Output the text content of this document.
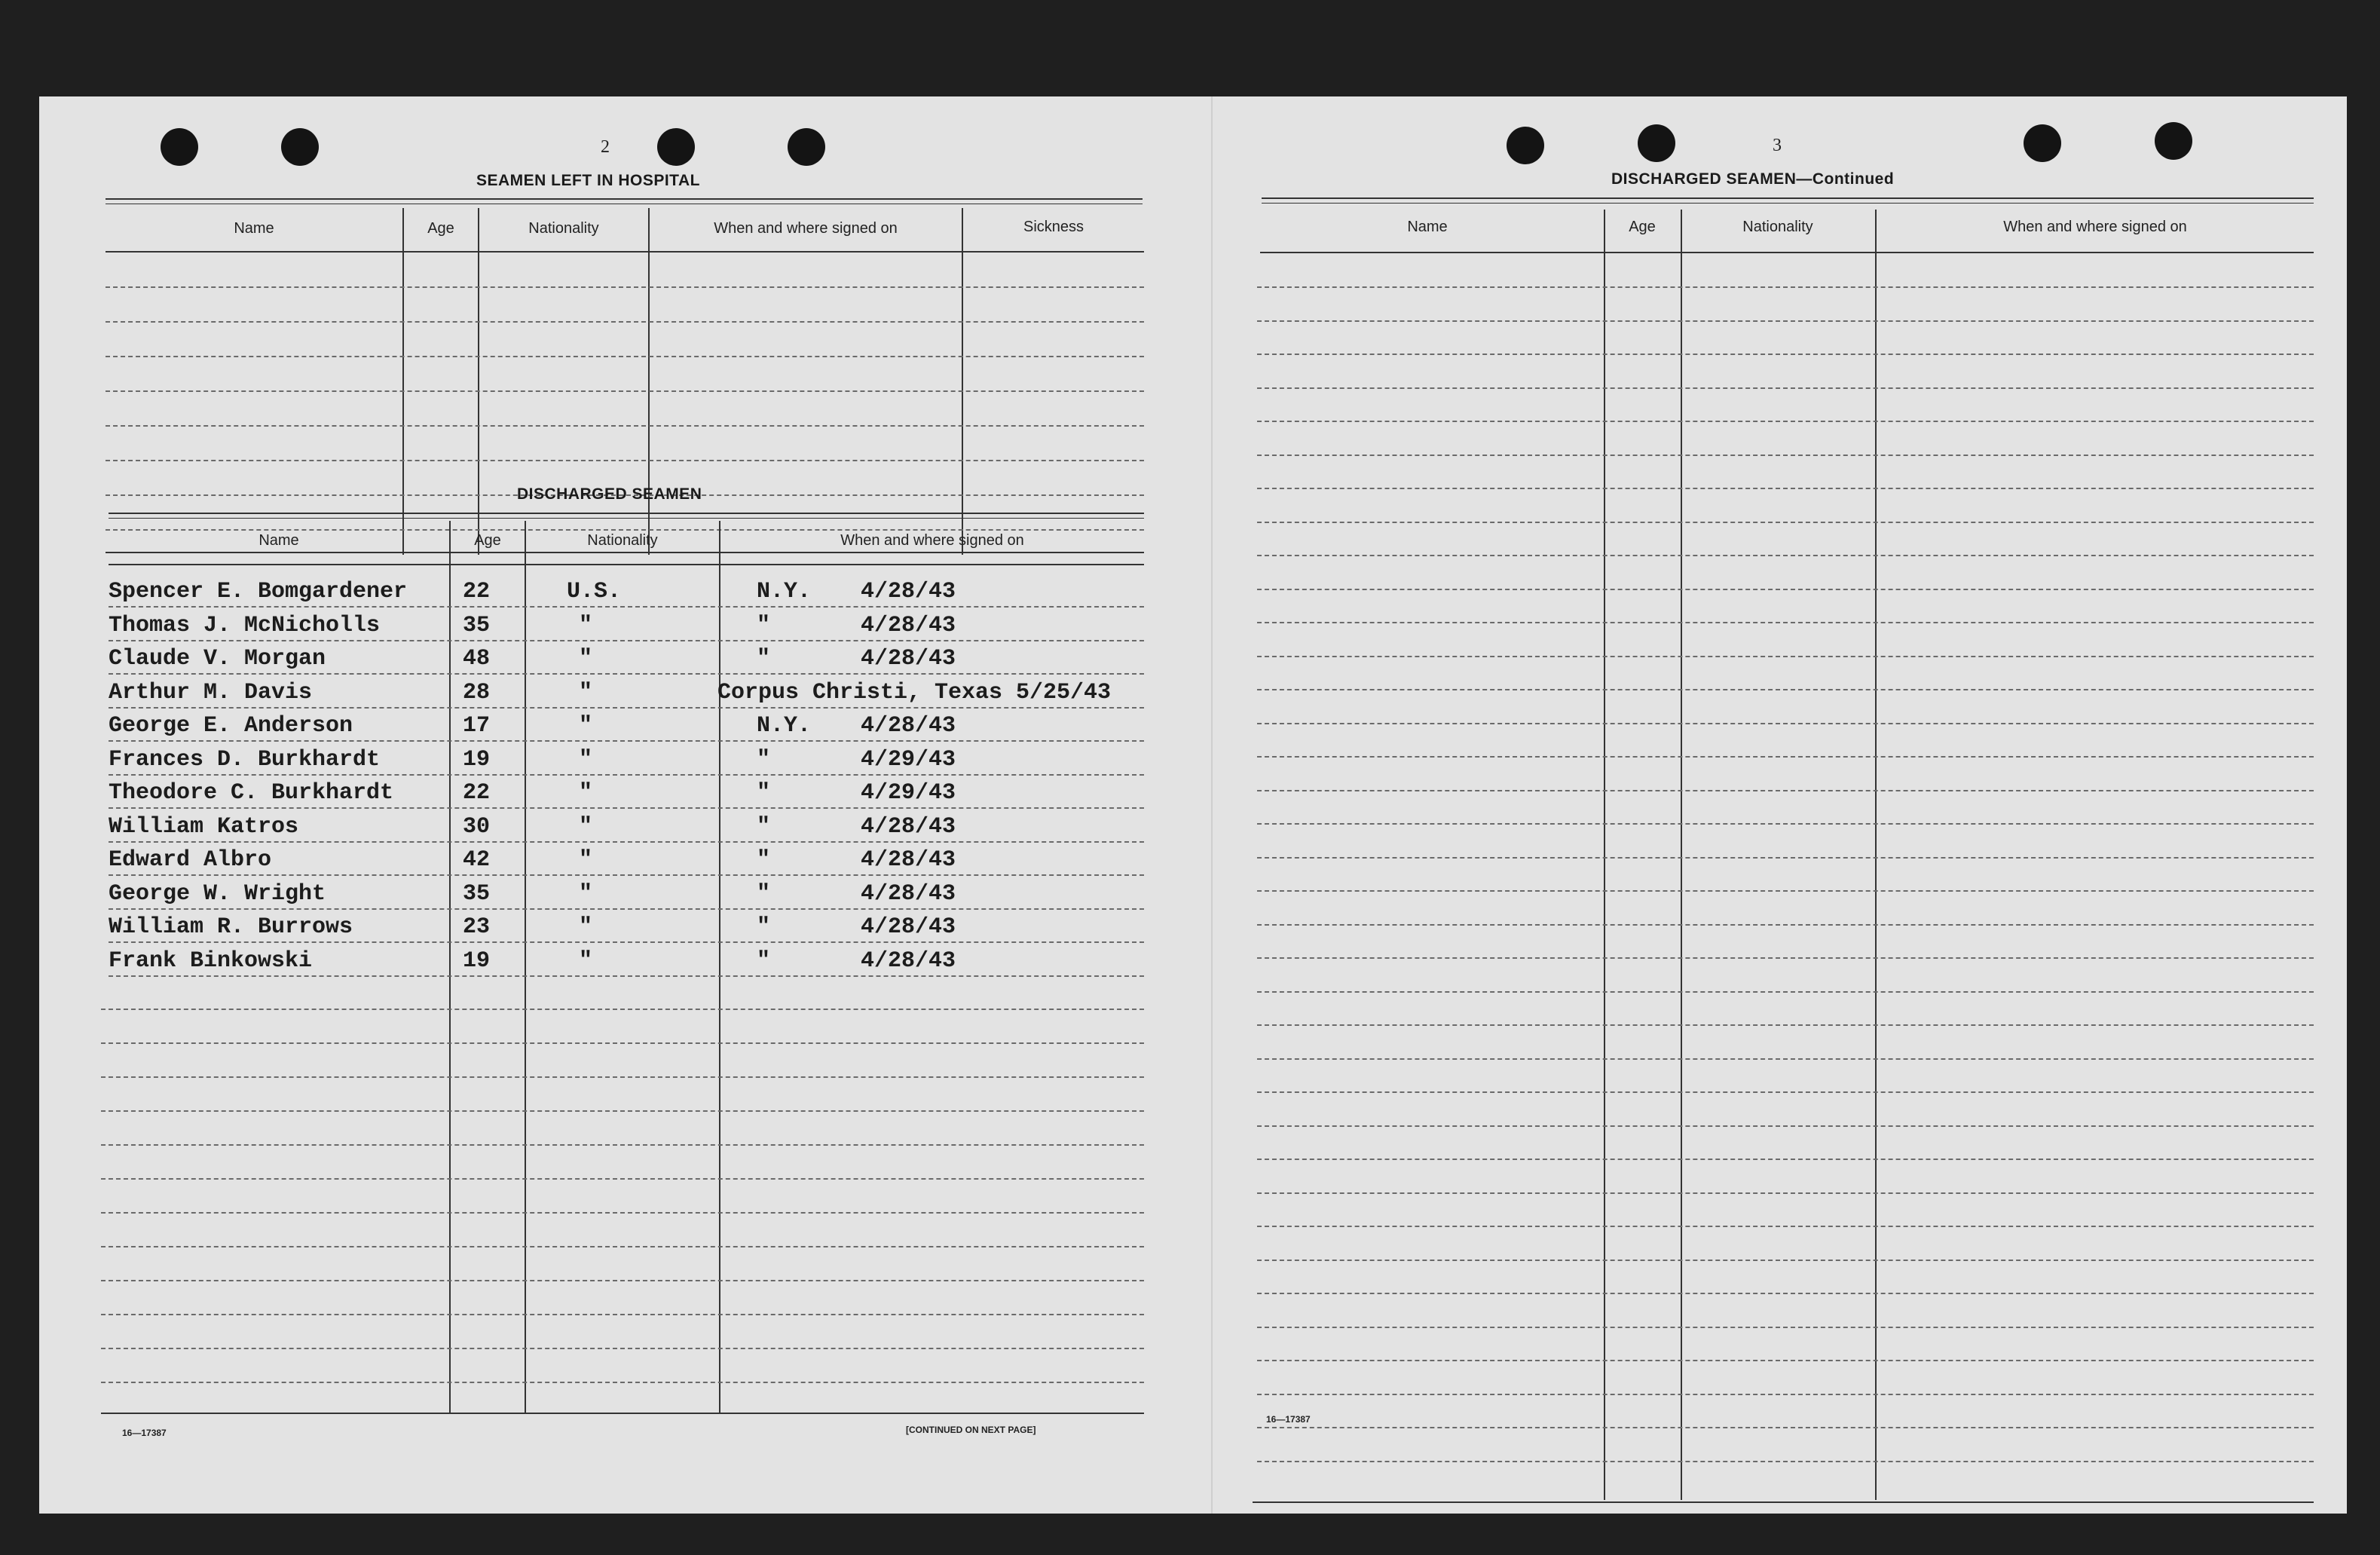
2
SEAMEN LEFT IN HOSPITAL
Name	Age	Nationality	When and where signed on	Sickness
DISCHARGED SEAMEN
Name	Age	Nationality	When and where signed on
Spencer E. Bomgardener 22	U.S.	N.Y. 4/28/43
Thomas J. McNicholls	35	"	"	4/28/43
Claude V. Morgan	48	"	"	4/28/43
Arthur M. Davis	28	"	Corpus Christi, Texas 5/25/43
George E. Anderson	17	"	N.Y. 4/28/43
Frances D. Burkhardt	19	"	"	4/29/43
Theodore C. Burkhardt	22	"	"	4/29/43
William Katros	30	"	"	4/28/43
Edward Albro	42	"	"	4/28/43
George W. Wright	35	"	"	4/28/43
William R. Burrows	23	"	"	4/28/43
Frank Binkowski	19	"	"	4/28/43
16—17387	[CONTINUED ON NEXT PAGE]
3
DISCHARGED SEAMEN—Continued
Name	Age	Nationality	When and where signed on
16—17387
